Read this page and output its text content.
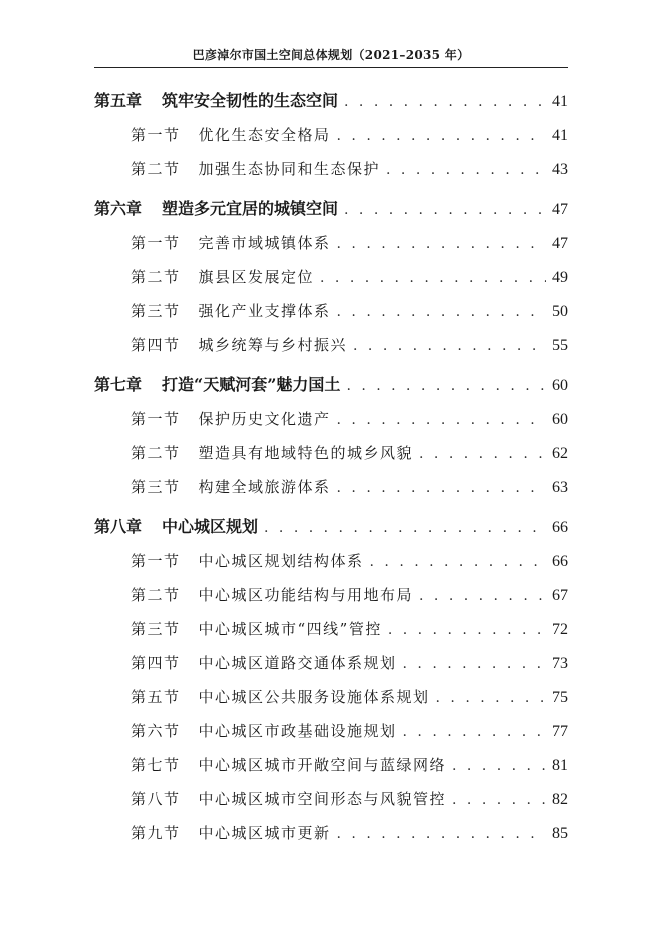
巴彦淖尔市国土空间总体规划（2021–2035 年）
第五章 筑牢安全韧性的生态空间 . . .	41
第一节 优化生态安全格局 . . .	41
第二节 加强生态协同和生态保护 . . .	43
第六章 塑造多元宜居的城镇空间 . . .	47
第一节 完善市域城镇体系 . . .	47
第二节 旗县区发展定位 . . .	49
第三节 强化产业支撑体系 . . .	50
第四节 城乡统筹与乡村振兴 . . .	55
第七章 打造“天赋河套”魅力国土 . . .	60
第一节 保护历史文化遗产 . . .	60
第二节 塑造具有地域特色的城乡风貌 . . .	62
第三节 构建全域旅游体系 . . .	63
第八章 中心城区规划 . . .	66
第一节 中心城区规划结构体系 . . .	66
第二节 中心城区功能结构与用地布局 . . .	67
第三节 中心城区城市“四线”管控 . . .	72
第四节 中心城区道路交通体系规划 . . .	73
第五节 中心城区公共服务设施体系规划 . . .	75
第六节 中心城区市政基础设施规划 . . .	77
第七节 中心城区城市开敞空间与蓝绿网络 . . .	81
第八节 中心城区城市空间形态与风貌管控 . . .	82
第九节 中心城区城市更新 . . .	85
